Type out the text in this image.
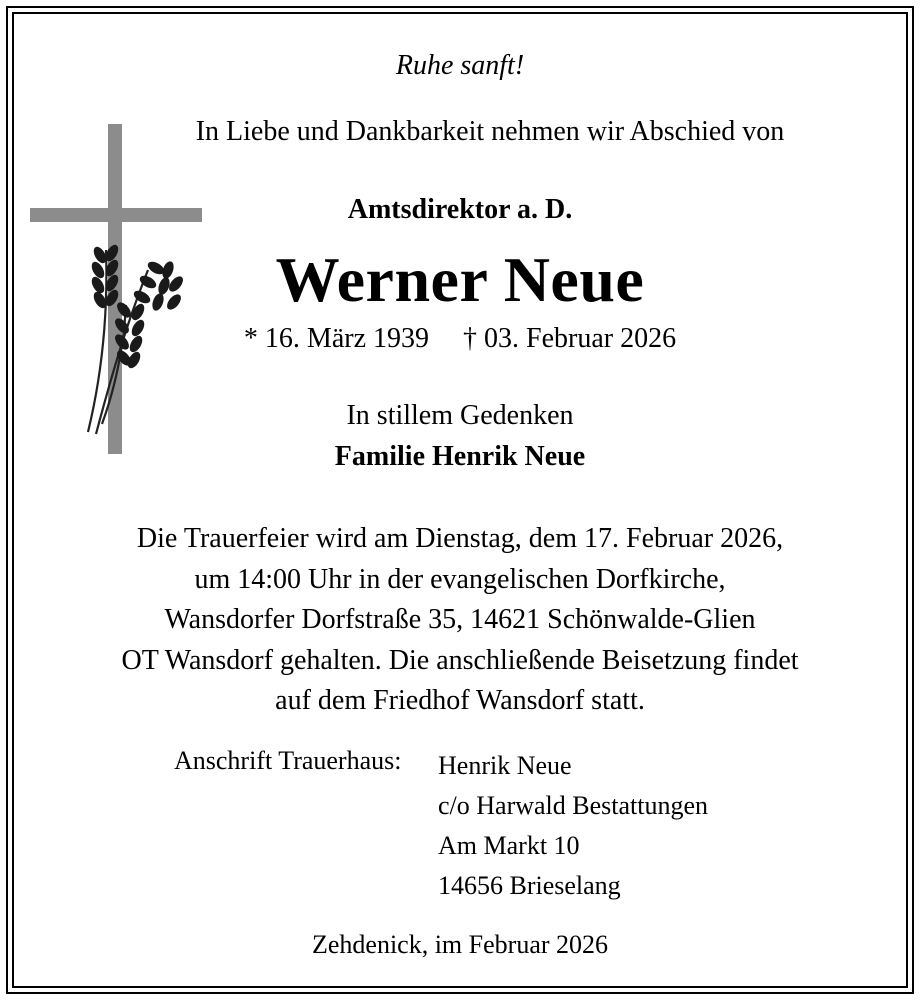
Ruhe sanft!
In Liebe und Dankbarkeit nehmen wir Abschied von
Amtsdirektor a. D.
Werner Neue
* 16. März 1939 † 03. Februar 2026
In stillem Gedenken
Familie Henrik Neue
Die Trauerfeier wird am Dienstag, dem 17. Februar 2026,
um 14:00 Uhr in der evangelischen Dorfkirche,
Wansdorfer Dorfstraße 35, 14621 Schönwalde-Glien
OT Wansdorf gehalten. Die anschließende Beisetzung findet
auf dem Friedhof Wansdorf statt.
Anschrift Trauerhaus: Henrik Neue
c/o Harwald Bestattungen
Am Markt 10
14656 Brieselang
Zehdenick, im Februar 2026
